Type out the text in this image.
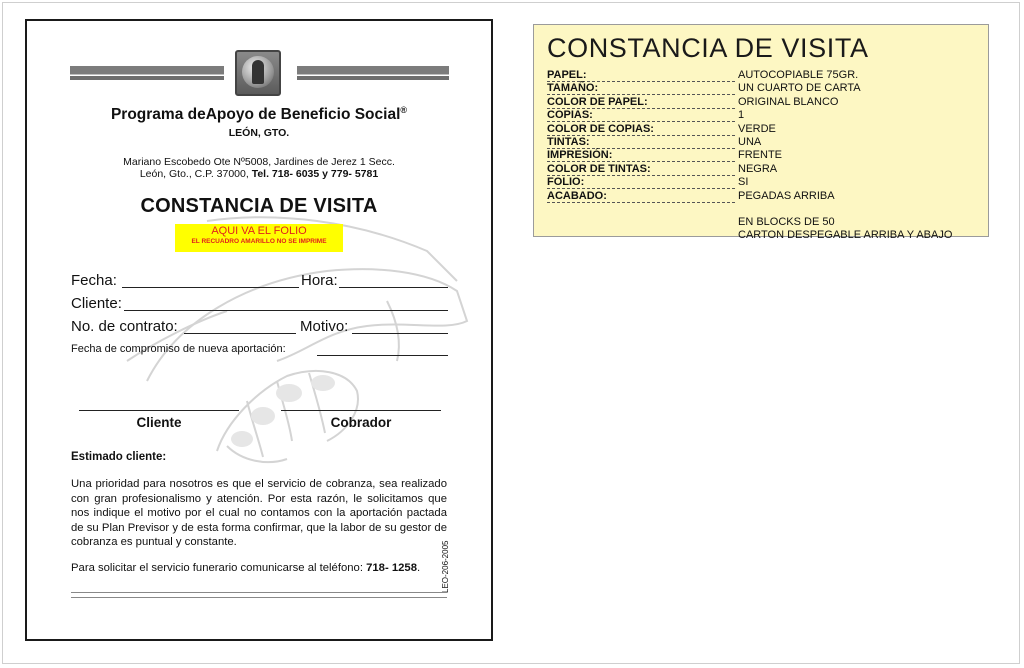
Programa deApoyo de Beneficio Social®
LEÓN, GTO.
Mariano Escobedo Ote Nº5008, Jardines de Jerez 1 Secc.
León, Gto., C.P. 37000, Tel. 718- 6035 y 779- 5781
CONSTANCIA DE VISITA
AQUI VA EL FOLIO
EL RECUADRO AMARILLO NO SE IMPRIME
Fecha:	Hora:
Cliente:
No. de contrato:	Motivo:
Fecha de compromiso de nueva aportación:
Cliente	Cobrador
Estimado cliente:
Una prioridad para nosotros es que el servicio de cobranza, sea realizado con gran profesionalismo y atención. Por esta razón, le solicitamos que nos indique el motivo por el cual no contamos con la aportación pactada de su Plan Previsor y de esta forma confirmar, que la labor de su gestor de cobranza es puntual y constante.
Para solicitar el servicio funerario comunicarse al teléfono: 718- 1258.	LEO-206-2005
CONSTANCIA DE VISITA
PAPEL:	AUTOCOPIABLE 75GR.
TAMAÑO:	UN CUARTO DE CARTA
COLOR DE PAPEL:	ORIGINAL BLANCO
COPIAS:	1
COLOR DE COPIAS:	VERDE
TINTAS:	UNA
IMPRESIÓN:	FRENTE
COLOR DE TINTAS:	NEGRA
FOLIO:	SI
ACABADO:	PEGADAS ARRIBA
EN BLOCKS DE 50
CARTON DESPEGABLE ARRIBA Y ABAJO
